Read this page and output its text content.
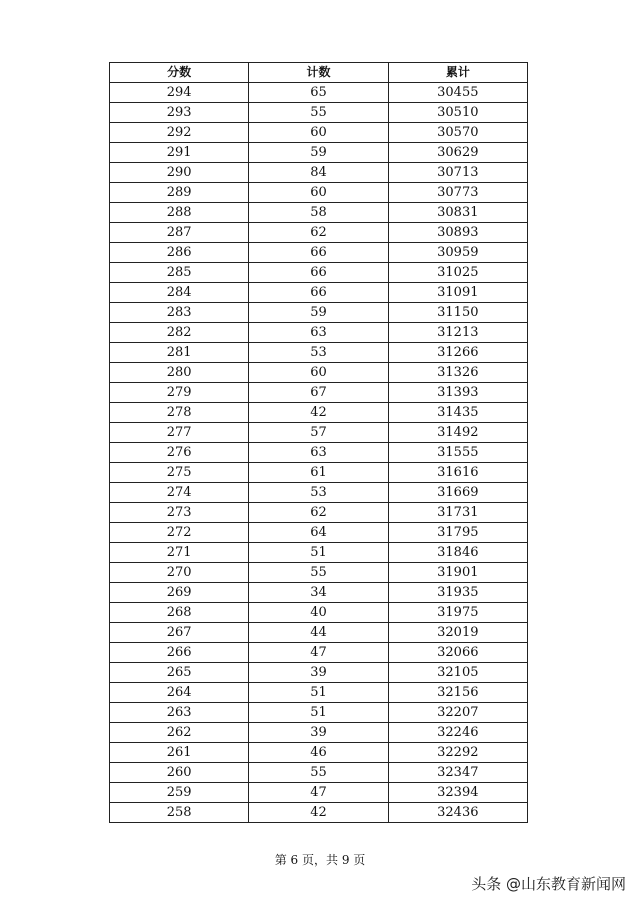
分数	计数	累计
294	65	30455
293	55	30510
292	60	30570
291	59	30629
290	84	30713
289	60	30773
288	58	30831
287	62	30893
286	66	30959
285	66	31025
284	66	31091
283	59	31150
282	63	31213
281	53	31266
280	60	31326
279	67	31393
278	42	31435
277	57	31492
276	63	31555
275	61	31616
274	53	31669
273	62	31731
272	64	31795
271	51	31846
270	55	31901
269	34	31935
268	40	31975
267	44	32019
266	47	32066
265	39	32105
264	51	32156
263	51	32207
262	39	32246
261	46	32292
260	55	32347
259	47	32394
258	42	32436
第 6 页，共 9 页
头条 @山东教育新闻网
